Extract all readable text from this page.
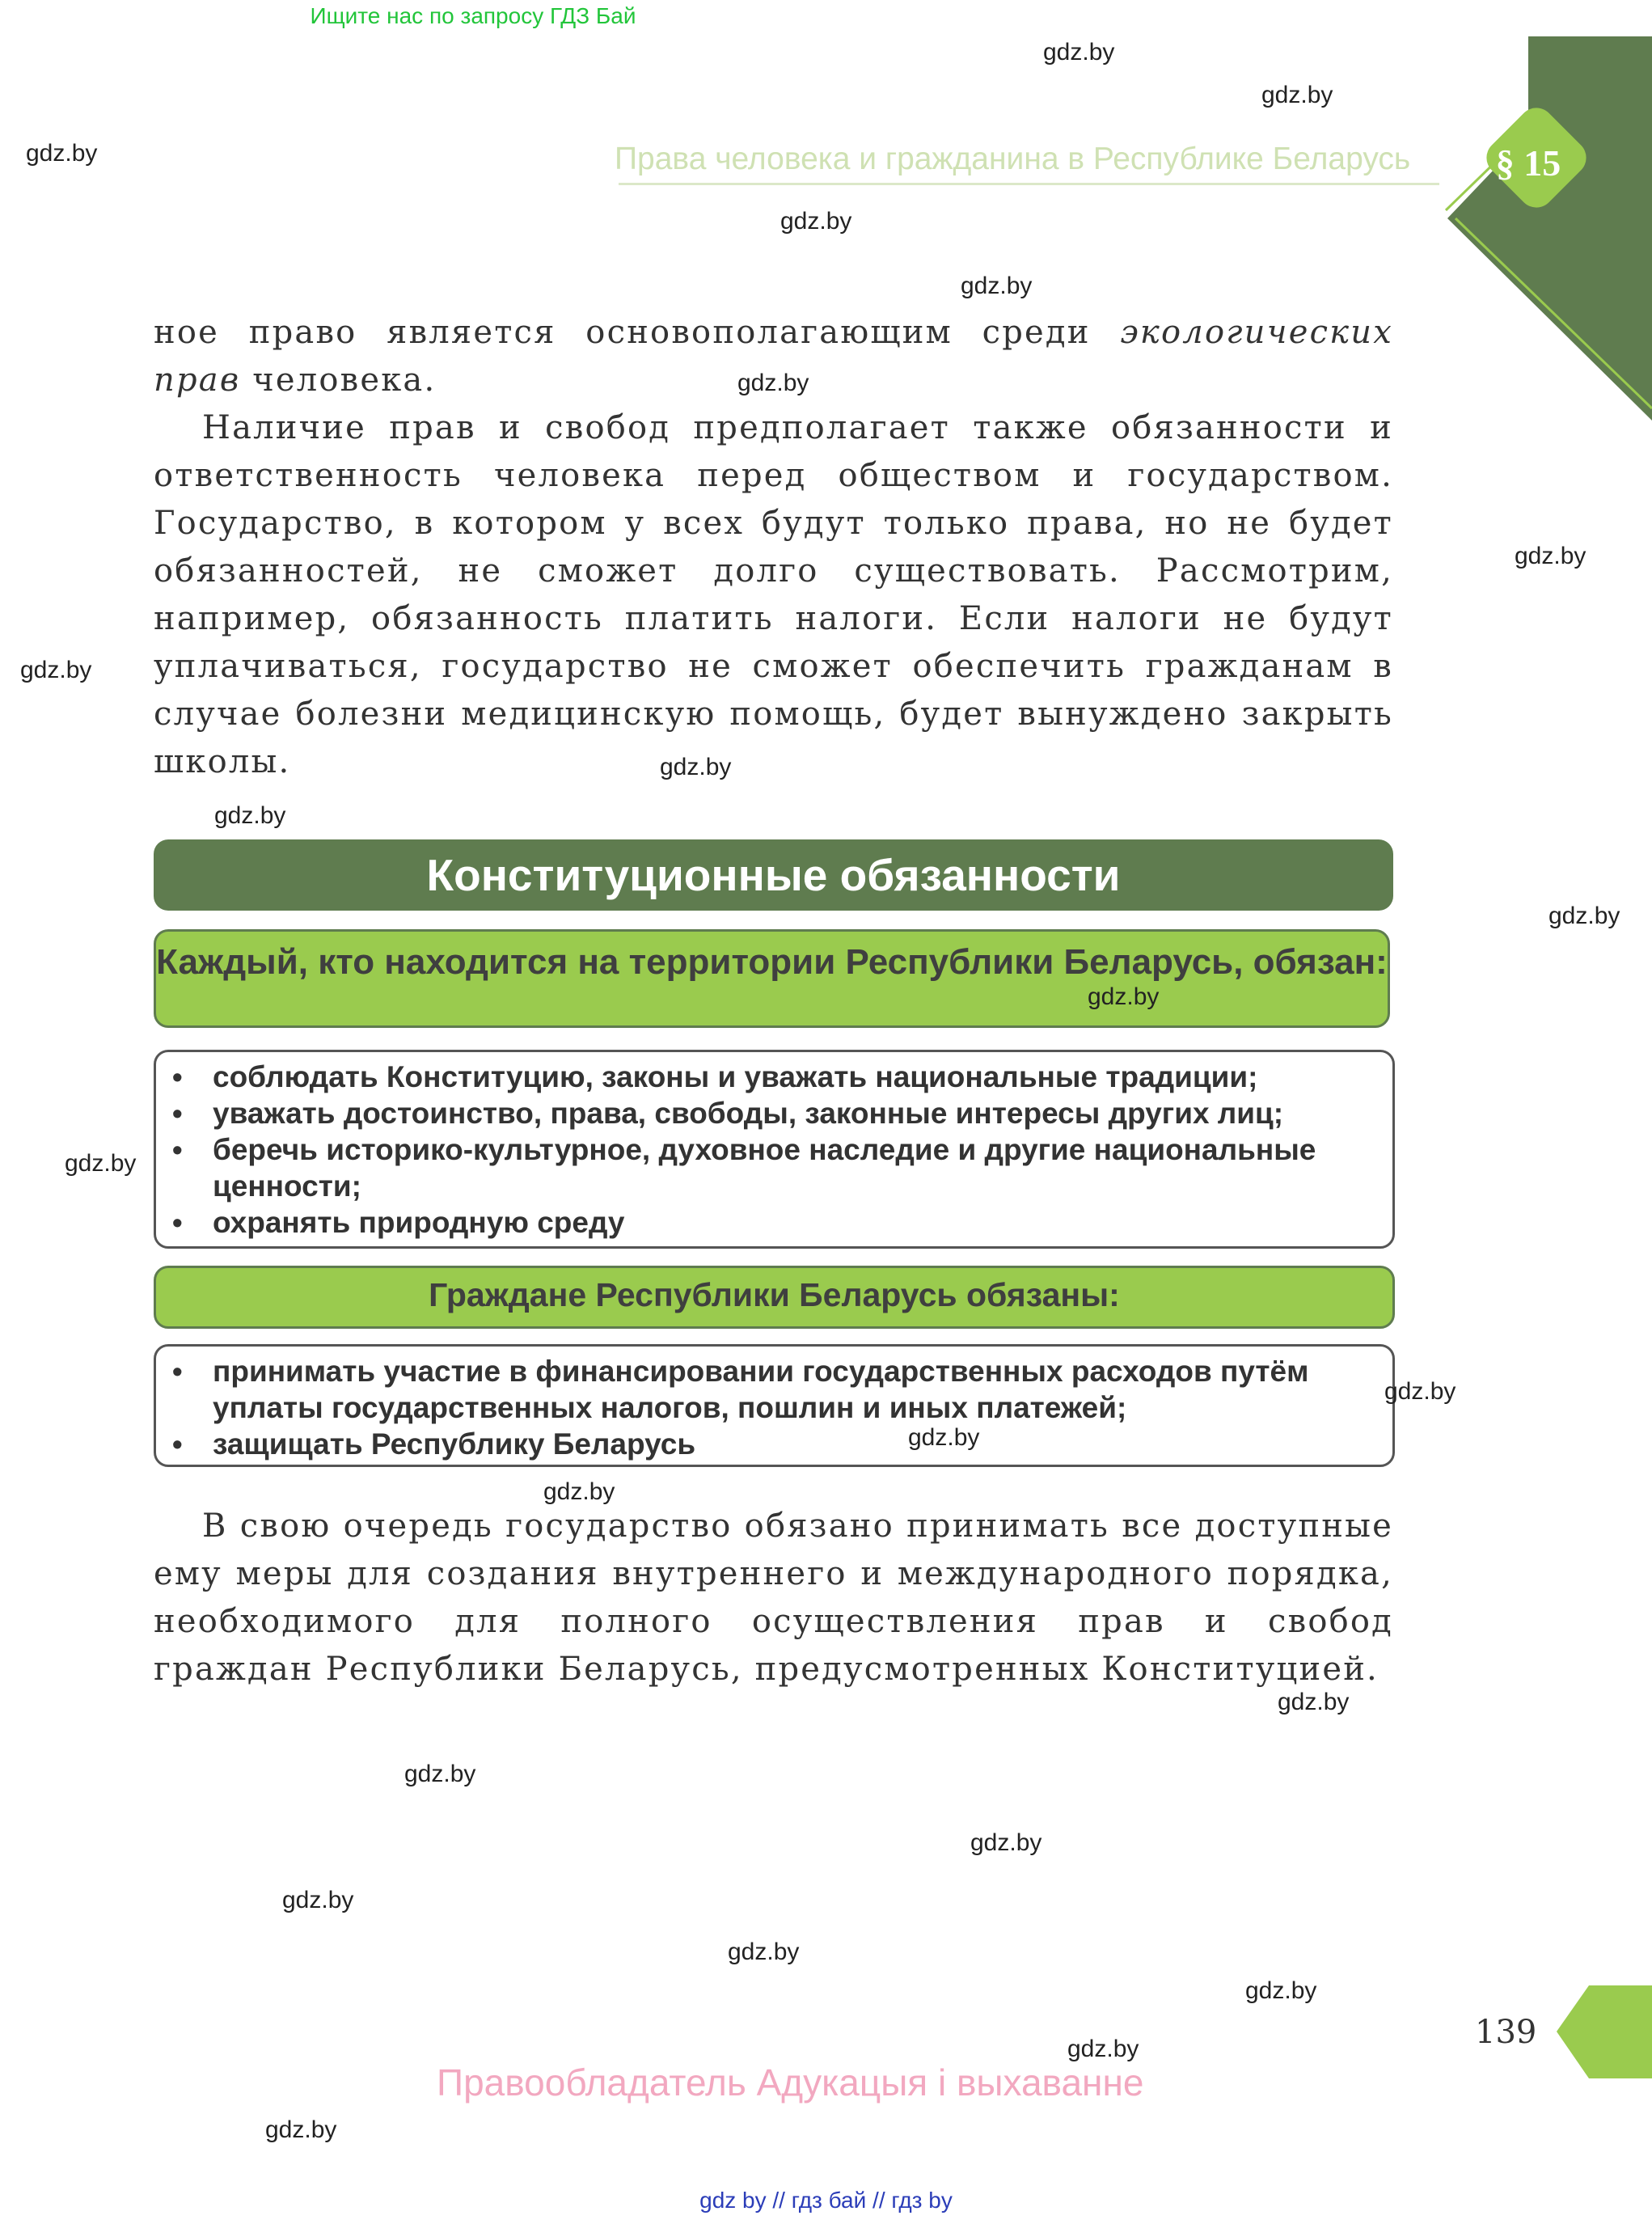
Ищите нас по запросу ГДЗ Бай
Права человека и гражданина в Республике Беларусь	§ 15

ное право является основополагающим среди экологических прав человека.

Наличие прав и свобод предполагает также обязанности и ответственность человека перед обществом и государством. Государство, в котором у всех будут только права, но не будет обязанностей, не сможет долго существовать. Рассмотрим, например, обязанность платить налоги. Если налоги не будут уплачиваться, государство не сможет обеспечить гражданам в случае болезни медицинскую помощь, будет вынуждено закрыть школы.

Конституционные обязанности
Каждый, кто находится на территории Республики Беларусь, обязан:
• соблюдать Конституцию, законы и уважать национальные традиции;
• уважать достоинство, права, свободы, законные интересы других лиц;
• беречь историко-культурное, духовное наследие и другие национальные ценности;
• охранять природную среду
Граждане Республики Беларусь обязаны:
• принимать участие в финансировании государственных расходов путём уплаты государственных налогов, пошлин и иных платежей;
• защищать Республику Беларусь

В свою очередь государство обязано принимать все доступные ему меры для создания внутреннего и международного порядка, необходимого для полного осуществления прав и свобод граждан Республики Беларусь, предусмотренных Конституцией.

139
Правообладатель Адукацыя і выхаванне
gdz by // гдз бай // гдз by
gdz.by
gdz.by
gdz.by
gdz.by
gdz.by
gdz.by
gdz.by
gdz.by
gdz.by
gdz.by
gdz.by
gdz.by
gdz.by
gdz.by
gdz.by
gdz.by
gdz.by
gdz.by
gdz.by
gdz.by
gdz.by
gdz.by
gdz.by
gdz.by
